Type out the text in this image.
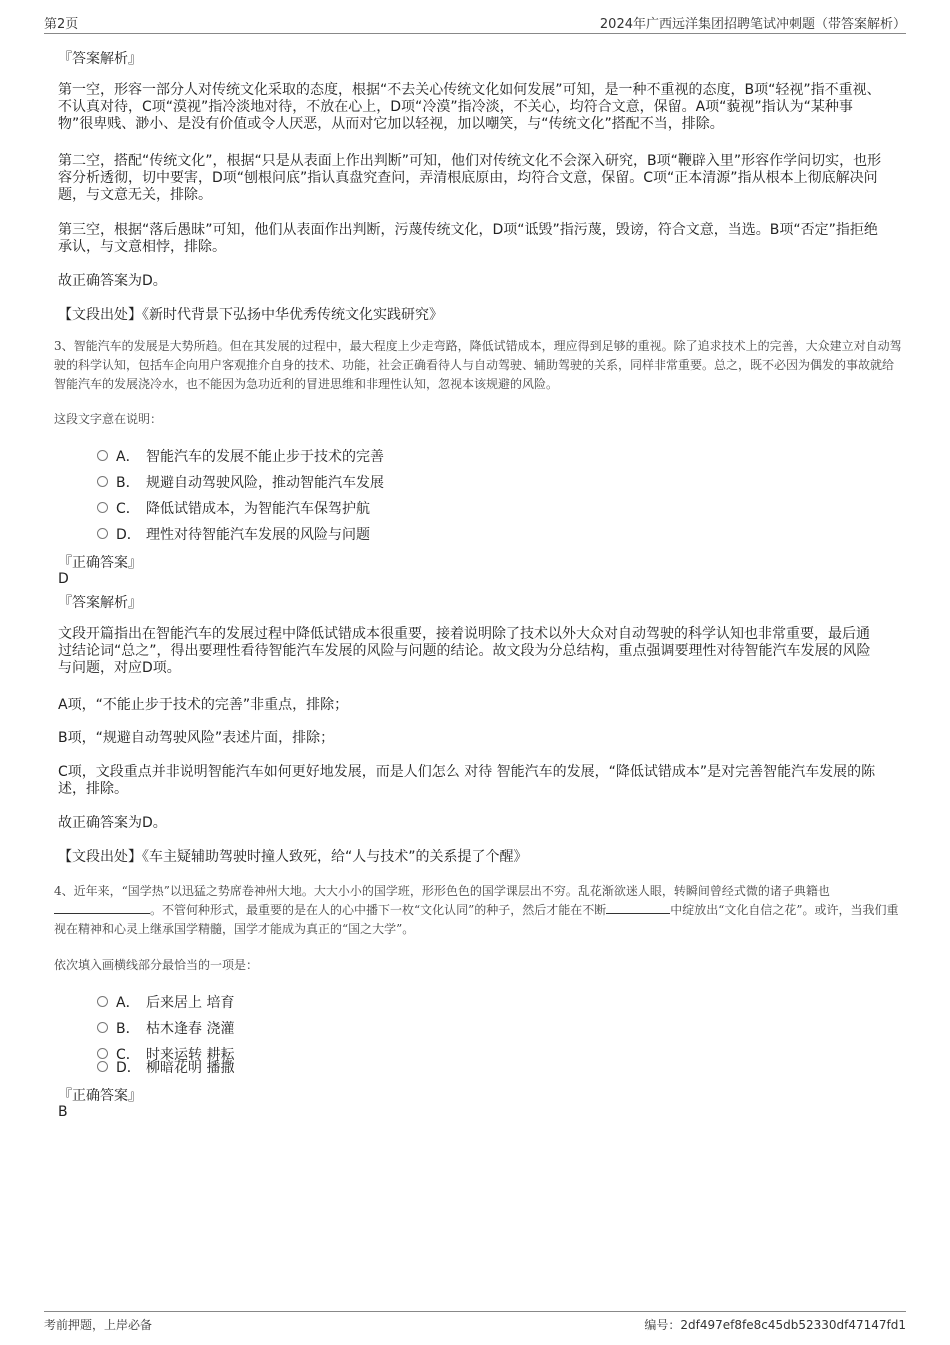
第2页	2024年广西远洋集团招聘笔试冲刺题（带答案解析）
『答案解析』
第一空，形容一部分人对传统文化采取的态度，根据“不去关心传统文化如何发展”可知，是一种不重视的态度，B项“轻视”指不重视、不认真对待，C项“漠视”指冷淡地对待，不放在心上，D项“冷漠”指冷淡，不关心，均符合文意，保留。A项“藐视”指认为“某种事物”很卑贱、渺小、是没有价值或令人厌恶，从而对它加以轻视，加以嘲笑，与“传统文化”搭配不当，排除。
第二空，搭配“传统文化”，根据“只是从表面上作出判断”可知，他们对传统文化不会深入研究，B项“鞭辟入里”形容作学问切实，也形容分析透彻，切中要害，D项“刨根问底”指认真盘究查问，弄清根底原由，均符合文意，保留。C项“正本清源”指从根本上彻底解决问题，与文意无关，排除。
第三空，根据“落后愚昧”可知，他们从表面作出判断，污蔑传统文化，D项“诋毁”指污蔑，毁谤，符合文意，当选。B项“否定”指拒绝承认，与文意相悖，排除。
故正确答案为D。
【文段出处】《新时代背景下弘扬中华优秀传统文化实践研究》
3、智能汽车的发展是大势所趋。但在其发展的过程中，最大程度上少走弯路，降低试错成本，理应得到足够的重视。除了追求技术上的完善，大众建立对自动驾驶的科学认知，包括车企向用户客观推介自身的技术、功能，社会正确看待人与自动驾驶、辅助驾驶的关系，同样非常重要。总之，既不必因为偶发的事故就给智能汽车的发展浇冷水，也不能因为急功近利的冒进思维和非理性认知，忽视本该规避的风险。
这段文字意在说明：
A． 智能汽车的发展不能止步于技术的完善
B． 规避自动驾驶风险，推动智能汽车发展
C． 降低试错成本，为智能汽车保驾护航
D． 理性对待智能汽车发展的风险与问题
『正确答案』
D
『答案解析』
文段开篇指出在智能汽车的发展过程中降低试错成本很重要，接着说明除了技术以外大众对自动驾驶的科学认知也非常重要，最后通过结论词“总之”，得出要理性看待智能汽车发展的风险与问题的结论。故文段为分总结构，重点强调要理性对待智能汽车发展的风险与问题，对应D项。
A项，“不能止步于技术的完善”非重点，排除；
B项，“规避自动驾驶风险”表述片面，排除；
C项，文段重点并非说明智能汽车如何更好地发展，而是人们怎么 对待 智能汽车的发展，“降低试错成本”是对完善智能汽车发展的陈述，排除。
故正确答案为D。
【文段出处】《车主疑辅助驾驶时撞人致死，给“人与技术”的关系提了个醒》
4、近年来，“国学热”以迅猛之势席卷神州大地。大大小小的国学班，形形色色的国学课层出不穷。乱花渐欲迷人眼，转瞬间曾经式微的诸子典籍也。不管何种形式，最重要的是在人的心中播下一枚“文化认同”的种子，然后才能在不断	中绽放出“文化自信之花”。或许，当我们重视在精神和心灵上继承国学精髓，国学才能成为真正的“国之大学”。
依次填入画横线部分最恰当的一项是：
A． 后来居上 培育
B． 枯木逢春 浇灌
C． 时来运转 耕耘
D． 柳暗花明 播撒
『正确答案』
B
考前押题，上岸必备	编号：2df497ef8fe8c45db52330df47147fd1
